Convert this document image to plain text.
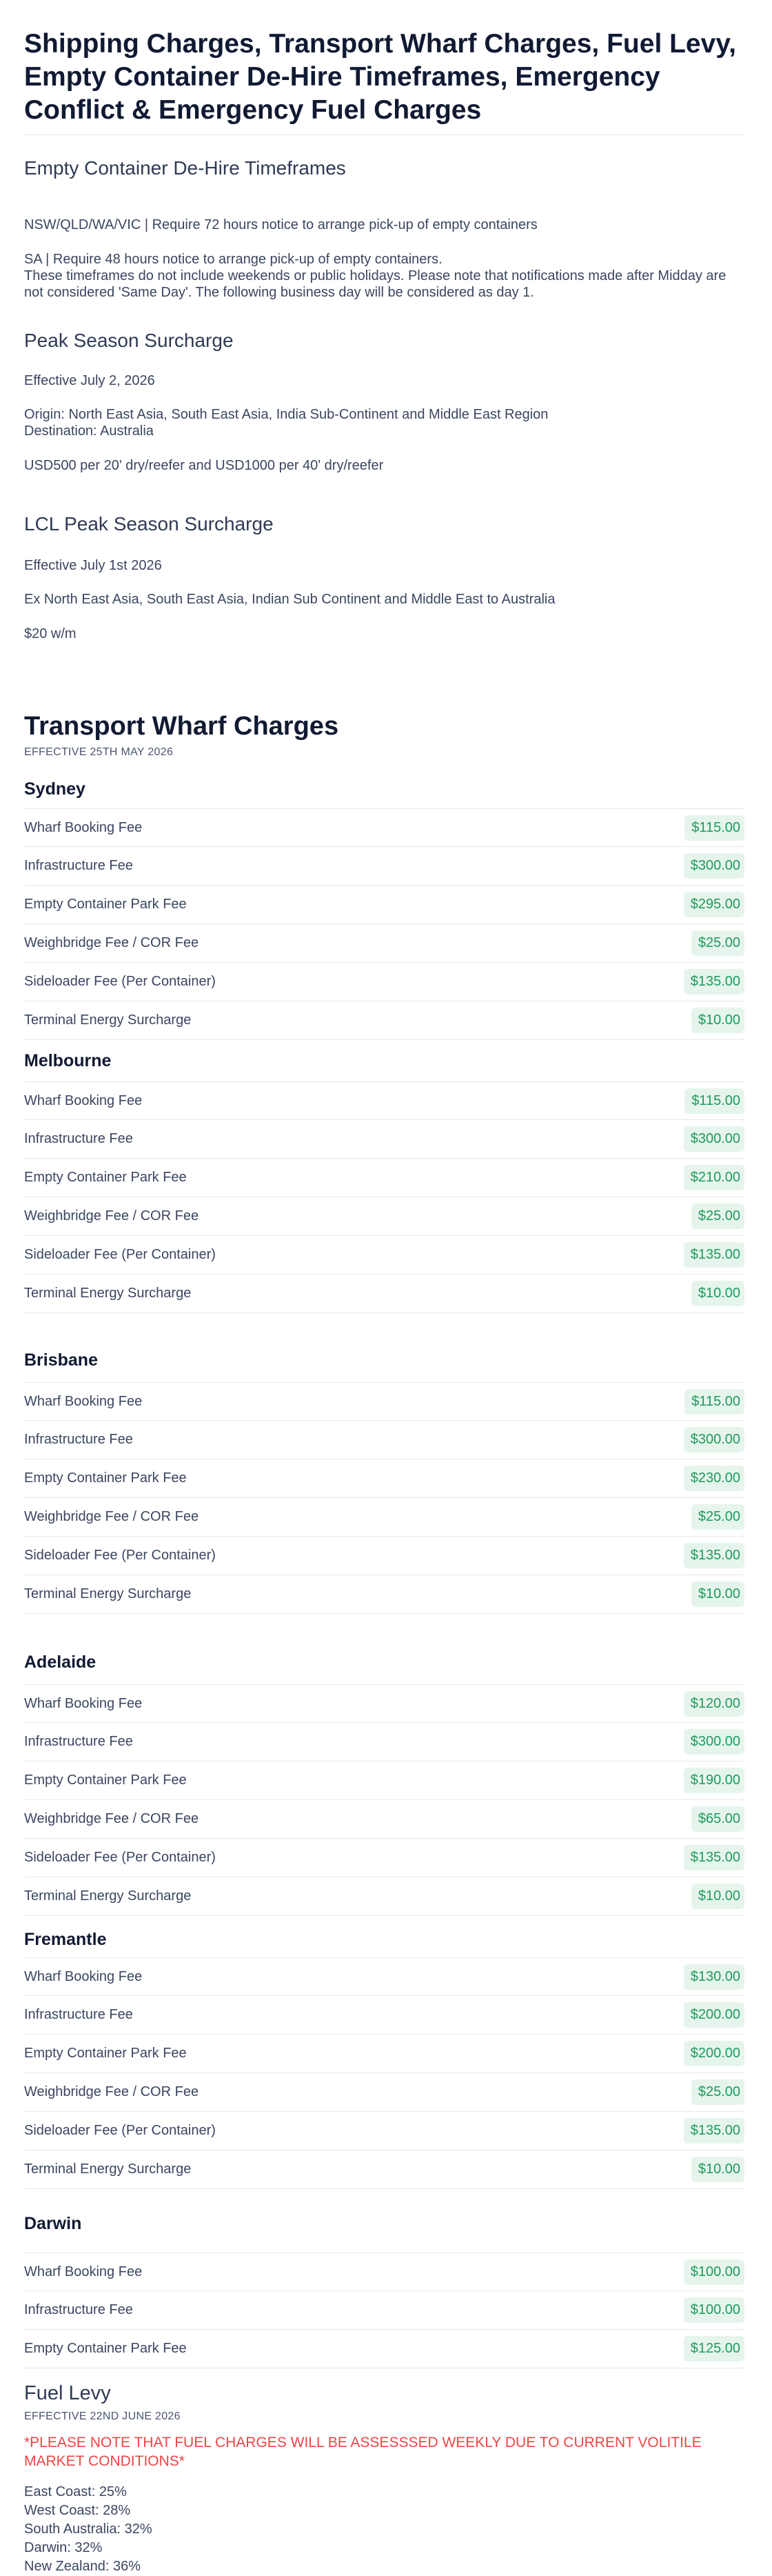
Shipping Charges, Transport Wharf Charges, Fuel Levy, Empty Container De-Hire Timeframes, Emergency Conflict & Emergency Fuel Charges
Empty Container De-Hire Timeframes

NSW/QLD/WA/VIC | Require 72 hours notice to arrange pick-up of empty containers

SA | Require 48 hours notice to arrange pick-up of empty containers.
These timeframes do not include weekends or public holidays. Please note that notifications made after Midday are not considered 'Same Day'. The following business day will be considered as day 1.

Peak Season Surcharge

Effective July 2, 2026

Origin: North East Asia, South East Asia, India Sub-Continent and Middle East Region

Destination: Australia

USD500 per 20' dry/reefer and USD1000 per 40' dry/reefer

LCL Peak Season Surcharge

Effective July 1st 2026

Ex North East Asia, South East Asia, Indian Sub Continent and Middle East to Australia

$20 w/m

Transport Wharf Charges

EFFECTIVE 25TH MAY 2026

Sydney
Wharf Booking Fee	$115.00
Infrastructure Fee	$300.00
Empty Container Park Fee	$295.00
Weighbridge Fee / COR Fee	$25.00
Sideloader Fee (Per Container)	$135.00
Terminal Energy Surcharge	$10.00
Melbourne
Wharf Booking Fee	$115.00
Infrastructure Fee	$300.00
Empty Container Park Fee	$210.00
Weighbridge Fee / COR Fee	$25.00
Sideloader Fee (Per Container)	$135.00
Terminal Energy Surcharge	$10.00
Brisbane
Wharf Booking Fee	$115.00
Infrastructure Fee	$300.00
Empty Container Park Fee	$230.00
Weighbridge Fee / COR Fee	$25.00
Sideloader Fee (Per Container)	$135.00
Terminal Energy Surcharge	$10.00
Adelaide
Wharf Booking Fee	$120.00
Infrastructure Fee	$300.00
Empty Container Park Fee	$190.00
Weighbridge Fee / COR Fee	$65.00
Sideloader Fee (Per Container)	$135.00
Terminal Energy Surcharge	$10.00
Fremantle
Wharf Booking Fee	$130.00
Infrastructure Fee	$200.00
Empty Container Park Fee	$200.00
Weighbridge Fee / COR Fee	$25.00
Sideloader Fee (Per Container)	$135.00
Terminal Energy Surcharge	$10.00
Darwin
Wharf Booking Fee	$100.00
Infrastructure Fee	$100.00
Empty Container Park Fee	$125.00
Fuel Levy

EFFECTIVE 22ND JUNE 2026

*PLEASE NOTE THAT FUEL CHARGES WILL BE ASSESSSED WEEKLY DUE TO CURRENT VOLITILE MARKET CONDITIONS*

East Coast: 25%
West Coast: 28%
South Australia: 32%
Darwin: 32%
New Zealand: 36%
